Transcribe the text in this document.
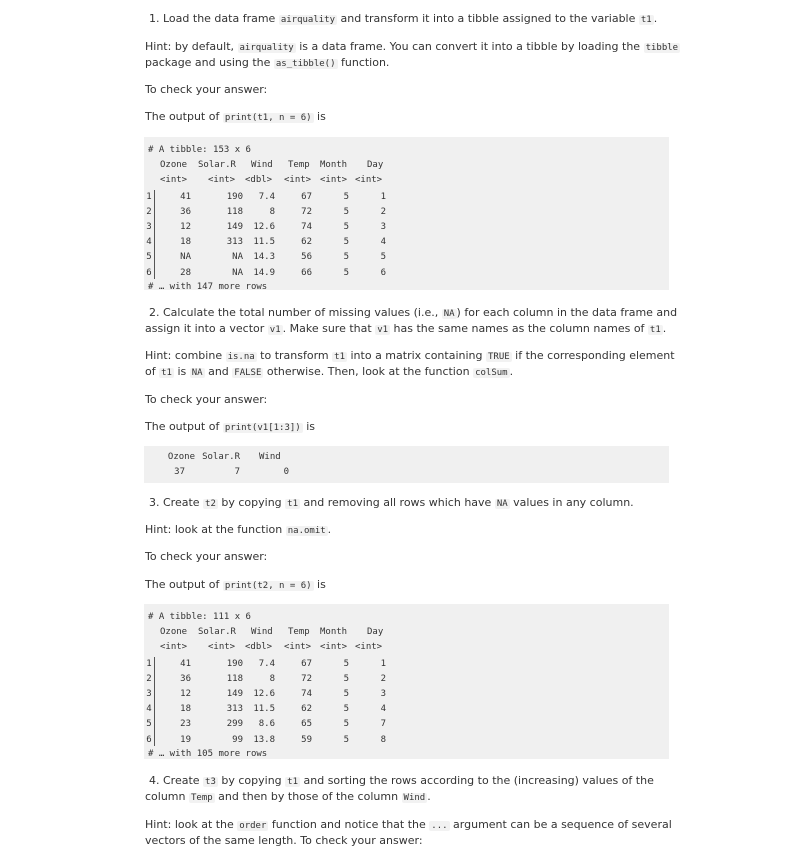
1. Load the data frame airquality and transform it into a tibble assigned to the variable t1 .
Hint: by default, airquality is a data frame. You can convert it into a tibble by loading the tibble
package and using the as_tibble() function.
To check your answer:
The output of print(t1, n = 6) is
# A tibble: 153 x 6
Ozone Solar.R Wind Temp Month Day
<int> <int> <dbl> <int> <int> <int>
1	41	190	7.4	67	5	1
2	36	118	8	72	5	2
3	12	149	12.6	74	5	3
4	18	313	11.5	62	5	4
5	NA	NA	14.3	56	5	5
6	28	NA	14.9	66	5	6
# … with 147 more rows
2. Calculate the total number of missing values (i.e., NA ) for each column in the data frame and
assign it into a vector v1 . Make sure that v1 has the same names as the column names of t1 .
Hint: combine is.na to transform t1 into a matrix containing TRUE if the corresponding element
of t1 is NA and FALSE otherwise. Then, look at the function colSum .
To check your answer:
The output of print(v1[1:3]) is
Ozone Solar.R Wind
37	7	0
3. Create t2 by copying t1 and removing all rows which have NA values in any column.
Hint: look at the function na.omit .
To check your answer:
The output of print(t2, n = 6) is
# A tibble: 111 x 6
Ozone Solar.R Wind Temp Month Day
<int> <int> <dbl> <int> <int> <int>
1	41	190	7.4	67	5	1
2	36	118	8	72	5	2
3	12	149	12.6	74	5	3
4	18	313	11.5	62	5	4
5	23	299	8.6	65	5	7
6	19	99	13.8	59	5	8
# … with 105 more rows
4. Create t3 by copying t1 and sorting the rows according to the (increasing) values of the
column Temp and then by those of the column Wind .
Hint: look at the order function and notice that the ... argument can be a sequence of several
vectors of the same length. To check your answer:
